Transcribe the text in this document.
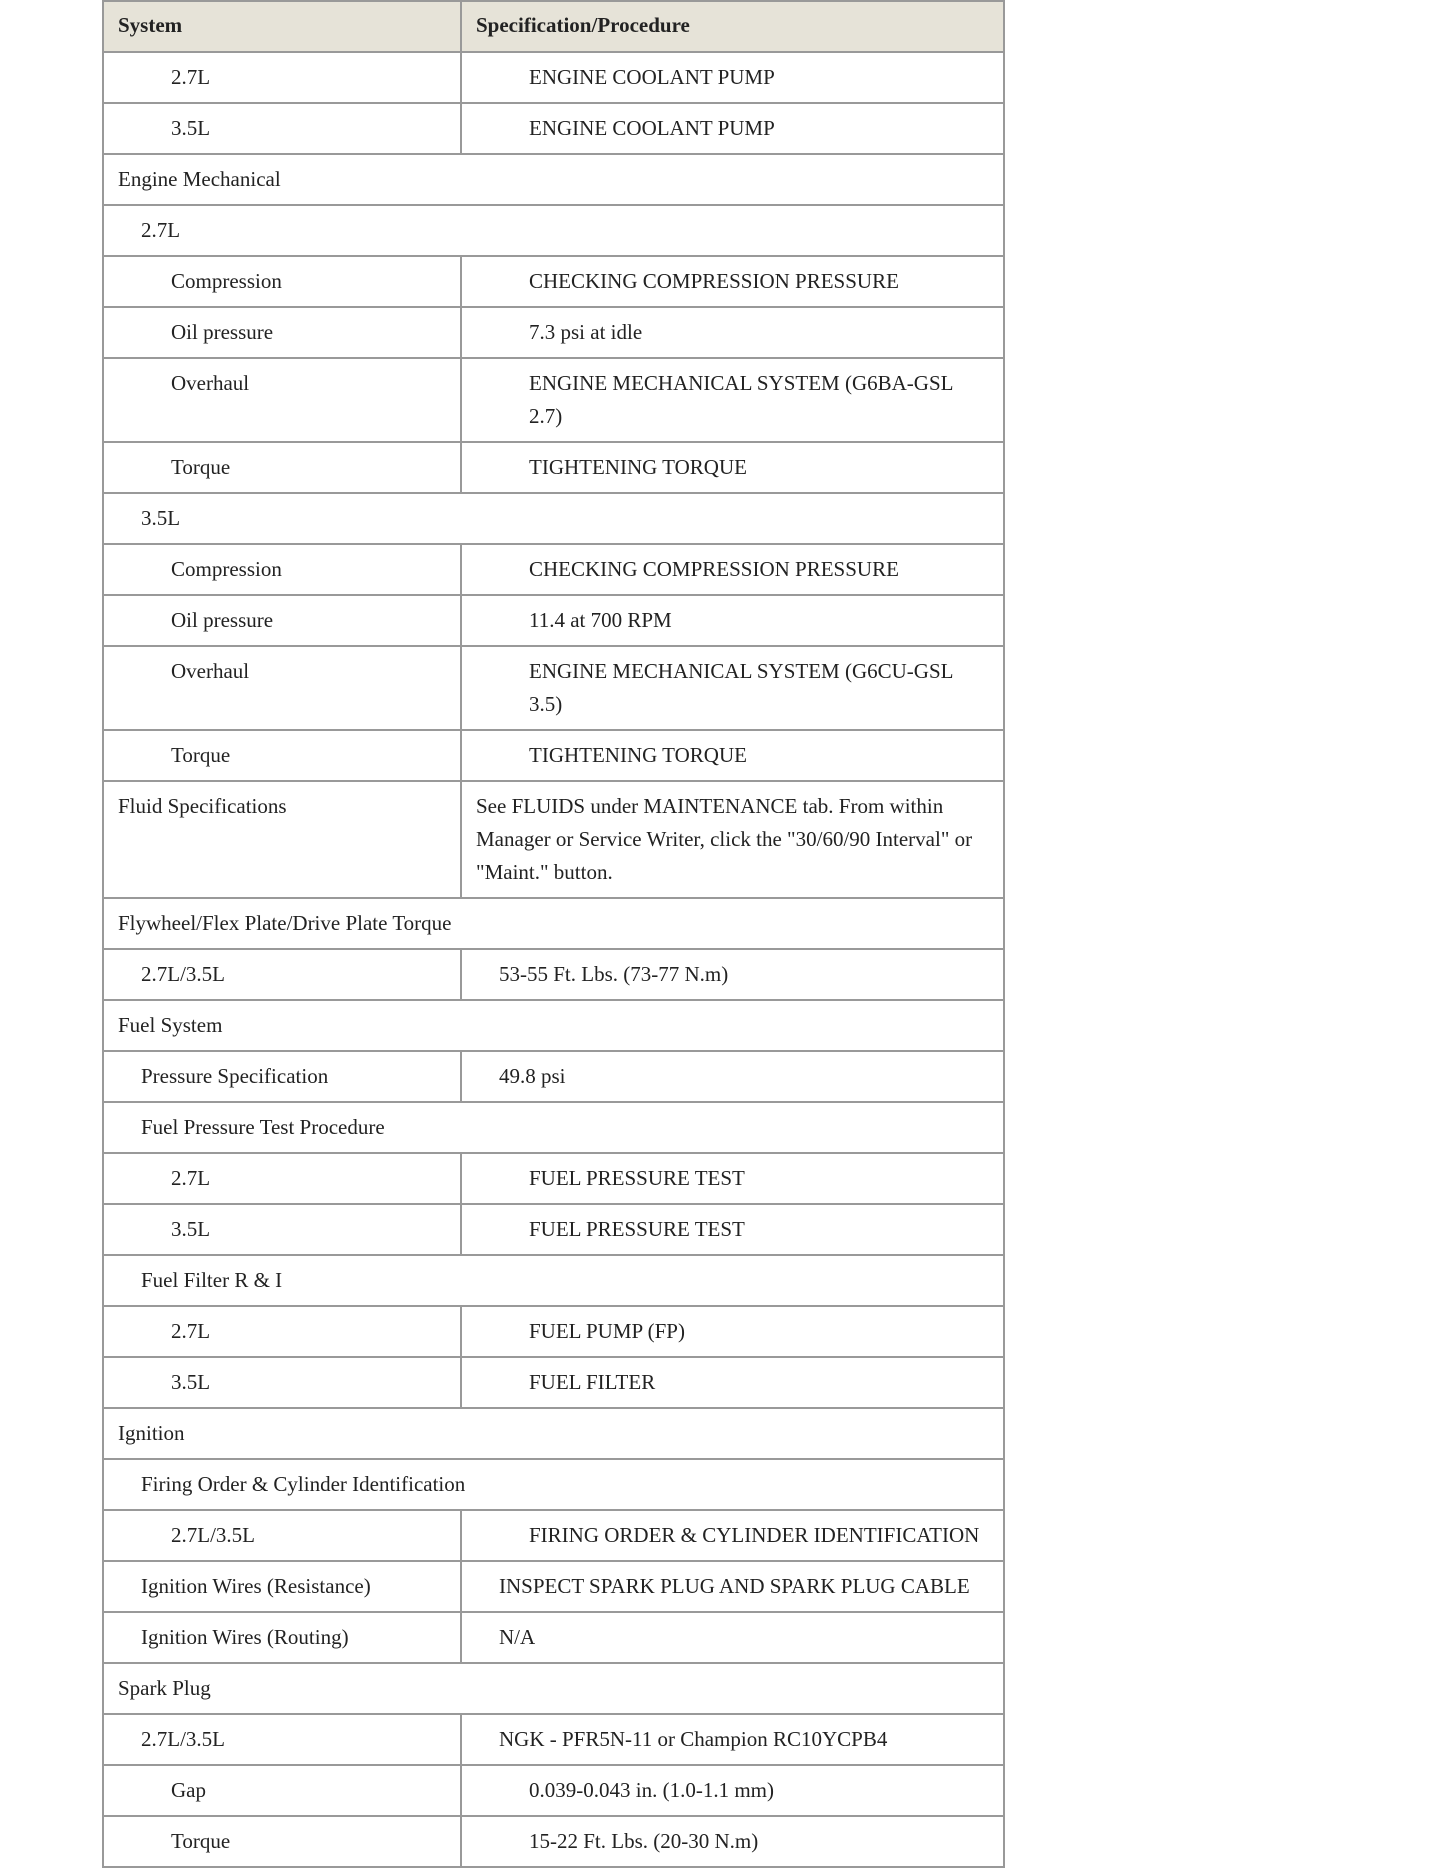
System	Specification/Procedure
2.7L	ENGINE COOLANT PUMP
3.5L	ENGINE COOLANT PUMP
Engine Mechanical	
2.7L	
Compression	CHECKING COMPRESSION PRESSURE
Oil pressure	7.3 psi at idle
Overhaul	ENGINE MECHANICAL SYSTEM (G6BA-GSL 2.7)
Torque	TIGHTENING TORQUE
3.5L	
Compression	CHECKING COMPRESSION PRESSURE
Oil pressure	11.4 at 700 RPM
Overhaul	ENGINE MECHANICAL SYSTEM (G6CU-GSL 3.5)
Torque	TIGHTENING TORQUE
Fluid Specifications	See FLUIDS under MAINTENANCE tab. From within Manager or Service Writer, click the "30/60/90 Interval" or "Maint." button.
Flywheel/Flex Plate/Drive Plate Torque	
2.7L/3.5L	53-55 Ft. Lbs. (73-77 N.m)
Fuel System	
Pressure Specification	49.8 psi
Fuel Pressure Test Procedure	
2.7L	FUEL PRESSURE TEST
3.5L	FUEL PRESSURE TEST
Fuel Filter R & I	
2.7L	FUEL PUMP (FP)
3.5L	FUEL FILTER
Ignition	
Firing Order & Cylinder Identification	
2.7L/3.5L	FIRING ORDER & CYLINDER IDENTIFICATION
Ignition Wires (Resistance)	INSPECT SPARK PLUG AND SPARK PLUG CABLE
Ignition Wires (Routing)	N/A
Spark Plug	
2.7L/3.5L	NGK - PFR5N-11 or Champion RC10YCPB4
Gap	0.039-0.043 in. (1.0-1.1 mm)
Torque	15-22 Ft. Lbs. (20-30 N.m)
